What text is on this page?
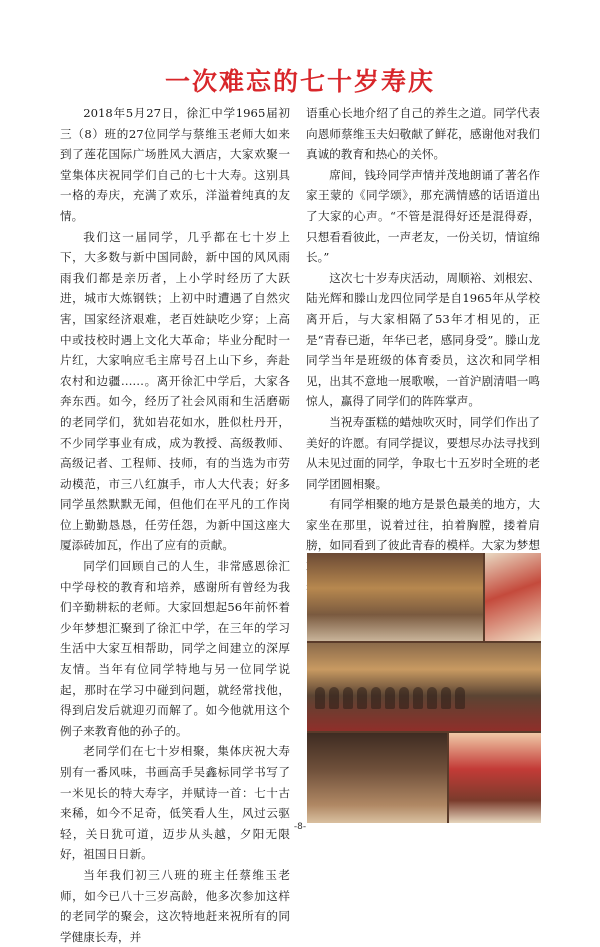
一次难忘的七十岁寿庆

2018年5月27日，徐汇中学1965届初三（8）班的27位同学与蔡维玉老师大如来到了莲花国际广场胜风大酒店，大家欢聚一堂集体庆祝同学们自己的七十大寿。这别具一格的寿庆，充满了欢乐，洋溢着纯真的友情。

我们这一届同学，几乎都在七十岁上下，大多数与新中国同龄，新中国的风风雨雨我们都是亲历者，上小学时经历了大跃进，城市大炼钢铁；上初中时遭遇了自然灾害，国家经济艰难，老百姓缺吃少穿；上高中或技校时遇上文化大革命；毕业分配时一片红，大家响应毛主席号召上山下乡，奔赴农村和边疆……。离开徐汇中学后，大家各奔东西。如今，经历了社会风雨和生活磨砺的老同学们，犹如岩花如水，胜似杜丹开，不少同学事业有成，成为教授、高级教师、高级记者、工程师、技师，有的当选为市劳动模范，市三八红旗手，市人大代表；好多同学虽然默默无闻，但他们在平凡的工作岗位上勤勤恳恳，任劳任怨，为新中国这座大厦添砖加瓦，作出了应有的贡献。

同学们回顾自己的人生，非常感恩徐汇中学母校的教育和培养，感谢所有曾经为我们辛勤耕耘的老师。大家回想起56年前怀着少年梦想汇聚到了徐汇中学，在三年的学习生活中大家互相帮助，同学之间建立的深厚友情。当年有位同学特地与另一位同学说起，那时在学习中碰到问题，就经常找他，得到启发后就迎刃而解了。如今他就用这个例子来教育他的孙子的。

老同学们在七十岁相聚，集体庆祝大寿别有一番风味，书画高手吴鑫标同学书写了一米见长的特大寿字，并赋诗一首：七十古来稀，如今不足奇，低笑看人生，风过云驱轻，关日犹可道，迈步从头越，夕阳无限好，祖国日日新。

当年我们初三八班的班主任蔡维玉老师，如今已八十三岁高龄，他多次参加这样的老同学的聚会，这次特地赶来祝所有的同学健康长寿，并

语重心长地介绍了自己的养生之道。同学代表向恩师蔡维玉夫妇敬献了鲜花，感谢他对我们真诚的教育和热心的关怀。

席间，钱玲同学声情并茂地朗诵了著名作家王蒙的《同学颂》，那充满情感的话语道出了大家的心声。“不管是混得好还是混得孬，只想看看彼此，一声老友，一份关切，情谊绵长。”

这次七十岁寿庆活动，周顺裕、刘根宏、陆光辉和滕山龙四位同学是自1965年从学校离开后，与大家相隔了53年才相见的，正是“青春已逝，年华已老，感同身受”。滕山龙同学当年是班级的体育委员，这次和同学相见，出其不意地一展歌喉，一首沪剧清唱一鸣惊人，赢得了同学们的阵阵掌声。

当祝寿蛋糕的蜡烛吹灭时，同学们作出了美好的许愿。有同学提议，要想尽办法寻找到从未见过面的同学，争取七十五岁时全班的老同学团圆相聚。

有同学相聚的地方是景色最美的地方，大家坐在那里，说着过往，拍着胸膛，搂着肩膀，如同看到了彼此青春的模样。大家为梦想

-8-
